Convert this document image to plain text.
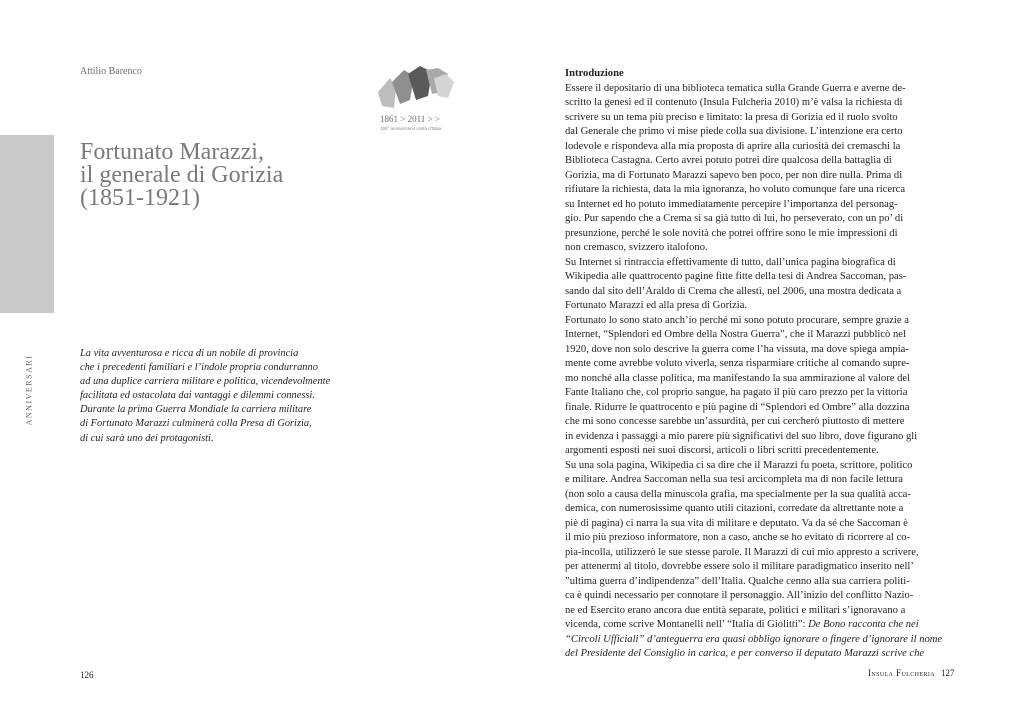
ANNIVERSARI
Attilio Barenco
Fortunato Marazzi,
il generale di Gorizia
(1851-1921)
La vita avventurosa e ricca di un nobile di provincia
che i precedenti familiari e l’indole propria condurranno
ad una duplice carriera militare e politica, vicendevolmente
facilitata ed ostacolata dai vantaggi e dilemmi connessi.
Durante la prima Guerra Mondiale la carriera militare
di Fortunato Marazzi culminerà colla Presa di Gorizia,
di cui sarà uno dei protagonisti.
1861 > 2011 > >
150° anniversario Unità d’Italia
Introduzione
Essere il depositario di una biblioteca tematica sulla Grande Guerra e averne de-
scritto la genesi ed il contenuto (Insula Fulcheria 2010) m’è valsa la richiesta di
scrivere su un tema più preciso e limitato: la presa di Gorizia ed il ruolo svolto
dal Generale che primo vi mise piede colla sua divisione. L’intenzione era certo
lodevole e rispondeva alla mia proposta di aprire alla curiosità dei cremaschi la
Biblioteca Castagna. Certo avrei potuto potrei dire qualcosa della battaglia di
Gorizia, ma di Fortunato Marazzi sapevo ben poco, per non dire nulla. Prima di
rifiutare la richiesta, data la mia ignoranza, ho voluto comunque fare una ricerca
su Internet ed ho potuto immediatamente percepire l’importanza del personag-
gio. Pur sapendo che a Crema si sa già tutto di lui, ho perseverato, con un po’ di
presunzione, perché le sole novità che potrei offrire sono le mie impressioni di
non cremasco, svizzero italofono.
Su Internet si rintraccia effettivamente di tutto, dall’unica pagina biografica di
Wikipedia alle quattrocento pagine fitte fitte della tesi di Andrea Saccoman, pas-
sando dal sito dell’Araldo di Crema che allestì, nel 2006, una mostra dedicata a
Fortunato Marazzi ed alla presa di Gorizia.
Fortunato lo sono stato anch’io perché mi sono potuto procurare, sempre grazie a
Internet, “Splendori ed Ombre della Nostra Guerra”, che il Marazzi pubblicò nel
1920, dove non solo descrive la guerra come l’ha vissuta, ma dove spiega ampia-
mente come avrebbe voluto viverla, senza risparmiare critiche al comando supre-
mo nonché alla classe politica, ma manifestando la sua ammirazione al valore del
Fante Italiano che, col proprio sangue, ha pagato il più caro prezzo per la vittoria
finale. Ridurre le quattrocento e più pagine di “Splendori ed Ombre” alla dozzina
che mi sono concesse sarebbe un’assurdità, per cui cercherò piuttosto di mettere
in evidenza i passaggi a mio parere più significativi del suo libro, dove figurano gli
argomenti esposti nei suoi discorsi, articoli o libri scritti precedentemente.
Su una sola pagina, Wikipedia ci sa dire che il Marazzi fu poeta, scrittore, politico
e militare. Andrea Saccoman nella sua tesi arcicompleta ma di non facile lettura
(non solo a causa della minuscola grafia, ma specialmente per la sua qualità acca-
demica, con numerosissime quanto utili citazioni, corredate da altrettante note a
piè di pagina) ci narra la sua vita di militare e deputato. Va da sé che Saccoman è
il mio più prezioso informatore, non a caso, anche se ho evitato di ricorrere al co-
pia-incolla, utilizzerò le sue stesse parole. Il Marazzi di cui mio appresto a scrivere,
per attenermi al titolo, dovrebbe essere solo il militare paradigmatico inserito nell’
”ultima guerra d’indipendenza” dell’Italia. Qualche cenno alla sua carriera politi-
ca è quindi necessario per connotare il personaggio. All’inizio del conflitto Nazio-
ne ed Esercito erano ancora due entità separate, politici e militari s’ignoravano a
vicenda, come scrive Montanelli nell’ “Italia di Giolitti”: De Bono racconta che nei
“Circoli Ufficiali” d’anteguerra era quasi obbligo ignorare o fingere d’ignorare il nome
del Presidente del Consiglio in carica, e per converso il deputato Marazzi scrive che
126	Insula Fulcheria 127
